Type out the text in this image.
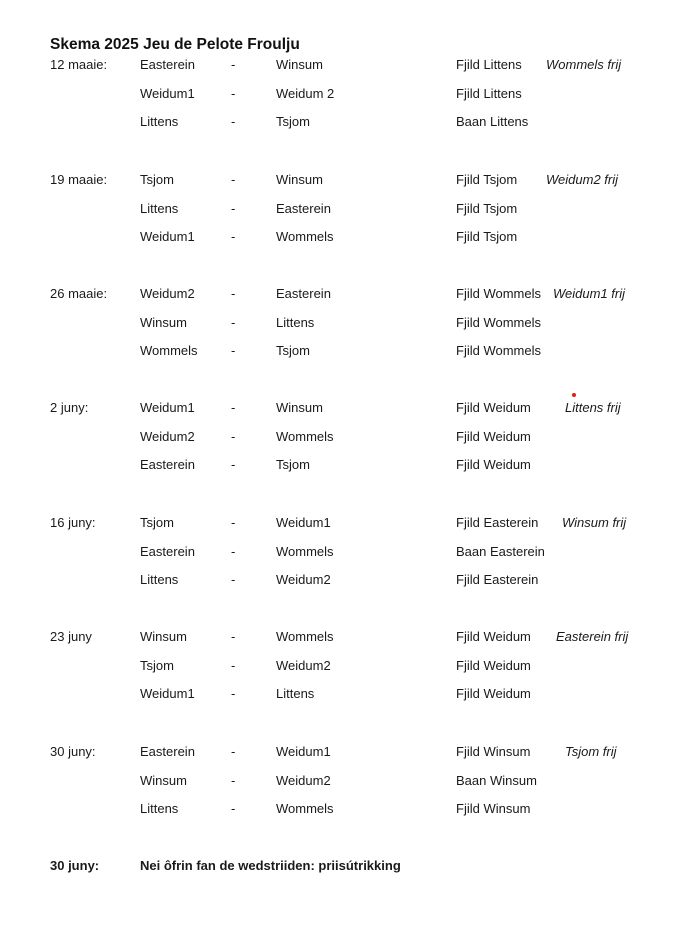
Skema 2025 Jeu de Pelote Froulju
12 maaie:	Easterein	-	Winsum	Fjild Littens Wommels frij
Weidum1	-	Weidum 2	Fjild Littens
Littens	-	Tsjom	Baan Littens
19 maaie:	Tsjom	-	Winsum	Fjild Tsjom Weidum2 frij
Littens	-	Easterein	Fjild Tsjom
Weidum1	-	Wommels	Fjild Tsjom
26 maaie:	Weidum2	-	Easterein	Fjild Wommels Weidum1 frij
Winsum	-	Littens	Fjild Wommels
Wommels	-	Tsjom	Fjild Wommels
2 juny:	Weidum1	-	Winsum	Fjild Weidum	Littens frij
Weidum2	-	Wommels	Fjild Weidum
Easterein	-	Tsjom	Fjild Weidum
16 juny:	Tsjom	-	Weidum1	Fjild Easterein Winsum frij
Easterein	-	Wommels	Baan Easterein
Littens	-	Weidum2	Fjild Easterein
23 juny	Winsum	-	Wommels	Fjild Weidum Easterein frij
Tsjom	-	Weidum2	Fjild Weidum
Weidum1	-	Littens	Fjild Weidum
30 juny:	Easterein	-	Weidum1	Fjild Winsum	Tsjom frij
Winsum	-	Weidum2	Baan Winsum
Littens	-	Wommels	Fjild Winsum
30 juny:	Nei ôfrin fan de wedstriiden: priisútrikking
